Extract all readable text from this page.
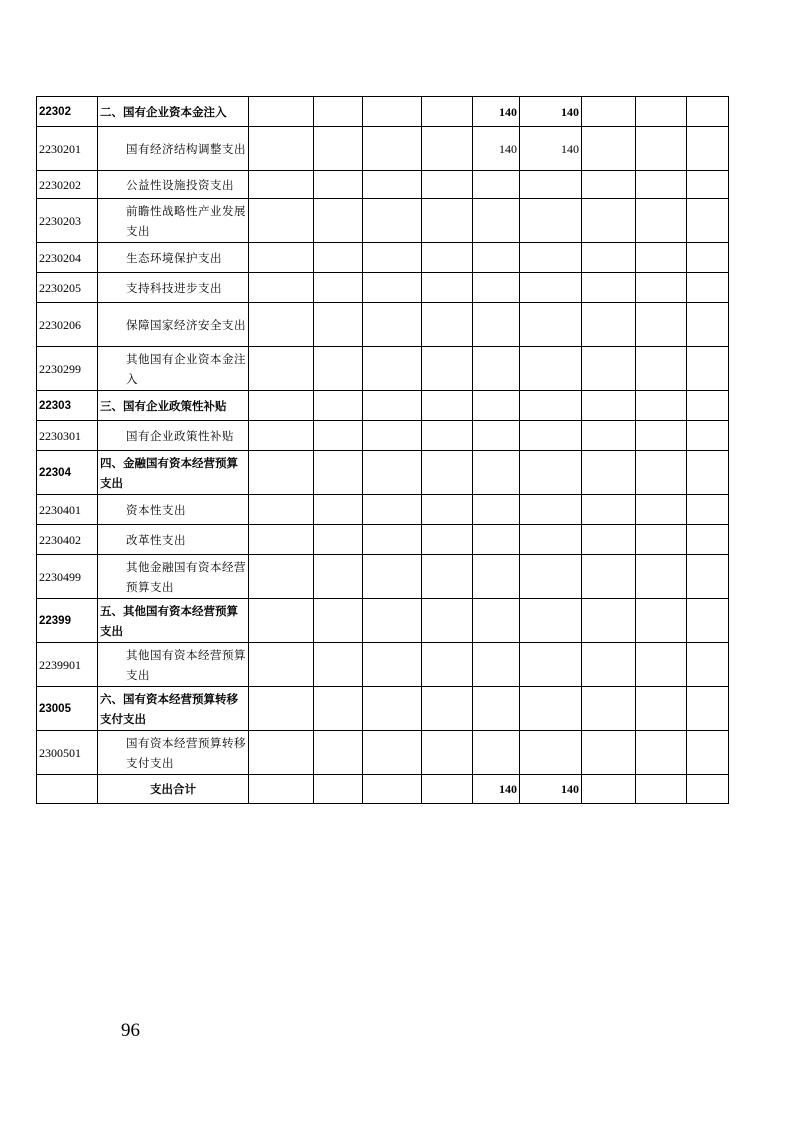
22302	二、国有企业资本金注入					140	140			
2230201	国有经济结构调整支出					140	140			
2230202	公益性设施投资支出									
2230203	前瞻性战略性产业发展支出									
2230204	生态环境保护支出									
2230205	支持科技进步支出									
2230206	保障国家经济安全支出									
2230299	其他国有企业资本金注入									
22303	三、国有企业政策性补贴									
2230301	国有企业政策性补贴									
22304	四、金融国有资本经营预算支出									
2230401	资本性支出									
2230402	改革性支出									
2230499	其他金融国有资本经营预算支出									
22399	五、其他国有资本经营预算支出									
2239901	其他国有资本经营预算支出									
23005	六、国有资本经营预算转移支付支出									
2300501	国有资本经营预算转移支付支出									
	支出合计					140	140			
96
